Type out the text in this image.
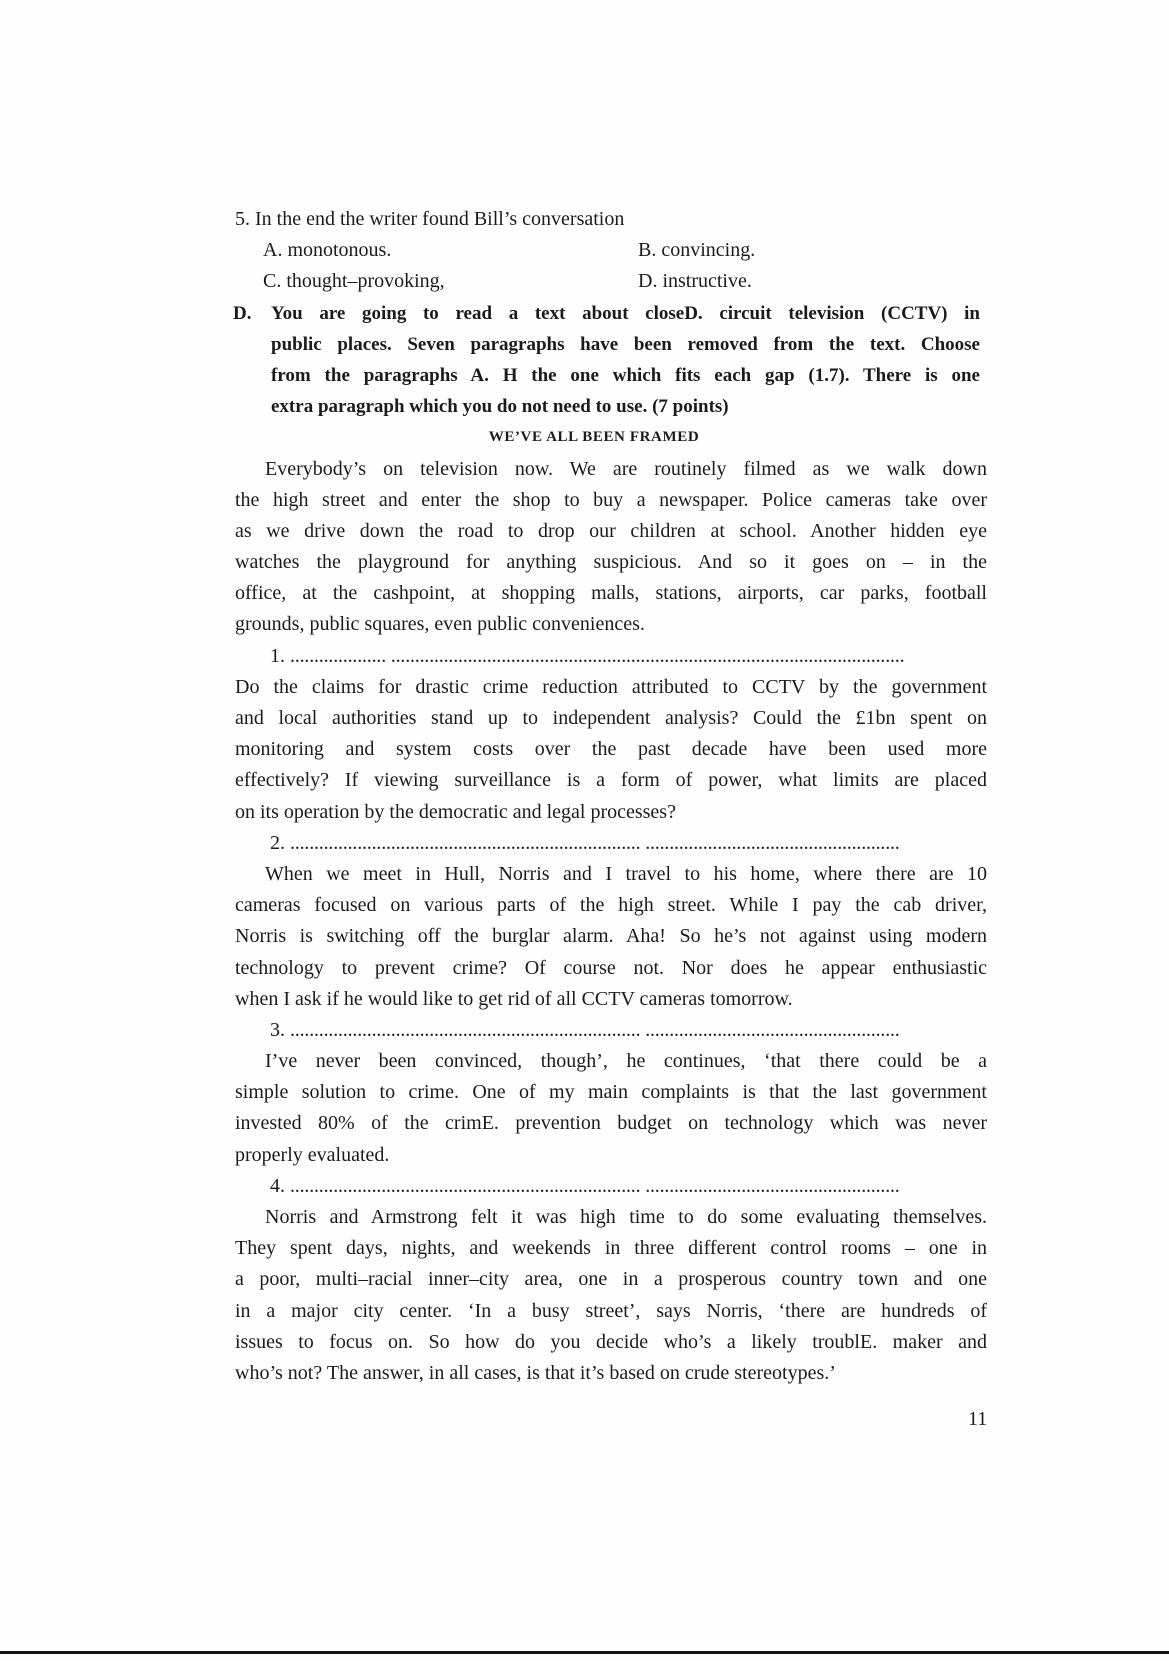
5. In the end the writer found Bill’s conversation
A. monotonous.	B. convincing.
C. thought–provoking,	D. instructive.
D. You are going to read a text about closeD. circuit television (CCTV) in
public places. Seven paragraphs have been removed from the text. Choose
from the paragraphs A. H the one which fits each gap (1.7). There is one
extra paragraph which you do not need to use. (7 points)
WE’VE ALL BEEN FRAMED
Everybody’s on television now. We are routinely filmed as we walk down
the high street and enter the shop to buy a newspaper. Police cameras take over
as we drive down the road to drop our children at school. Another hidden eye
watches the playground for anything suspicious. And so it goes on – in the
office, at the cashpoint, at shopping malls, stations, airports, car parks, football
grounds, public squares, even public conveniences.
1. .................... ...........................................................................................................
Do the claims for drastic crime reduction attributed to CCTV by the government
and local authorities stand up to independent analysis? Could the £1bn spent on
monitoring and system costs over the past decade have been used more
effectively? If viewing surveillance is a form of power, what limits are placed
on its operation by the democratic and legal processes?
2. ......................................................................... .....................................................
When we meet in Hull, Norris and I travel to his home, where there are 10
cameras focused on various parts of the high street. While I pay the cab driver,
Norris is switching off the burglar alarm. Aha! So he’s not against using modern
technology to prevent crime? Of course not. Nor does he appear enthusiastic
when I ask if he would like to get rid of all CCTV cameras tomorrow.
3. ......................................................................... .....................................................
I’ve never been convinced, though’, he continues, ‘that there could be a
simple solution to crime. One of my main complaints is that the last government
invested 80% of the crimE. prevention budget on technology which was never
properly evaluated.
4. ......................................................................... .....................................................
Norris and Armstrong felt it was high time to do some evaluating themselves.
They spent days, nights, and weekends in three different control rooms – one in
a poor, multi–racial inner–city area, one in a prosperous country town and one
in a major city center. ‘In a busy street’, says Norris, ‘there are hundreds of
issues to focus on. So how do you decide who’s a likely troublE. maker and
who’s not? The answer, in all cases, is that it’s based on crude stereotypes.’
11
